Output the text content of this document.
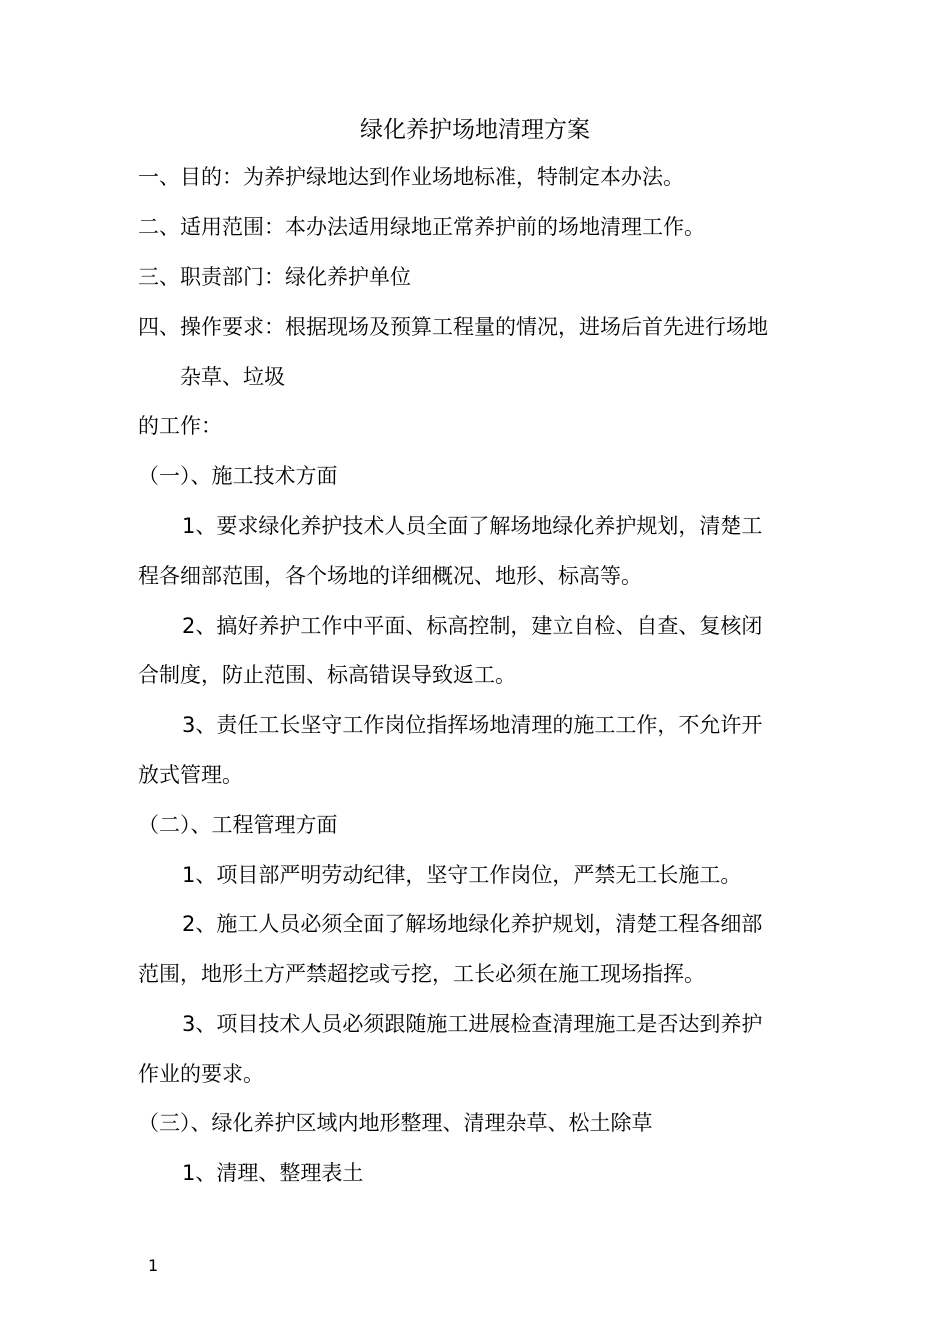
绿化养护场地清理方案
一、目的：为养护绿地达到作业场地标准，特制定本办法。
二、适用范围：本办法适用绿地正常养护前的场地清理工作。
三、职责部门：绿化养护单位
四、操作要求：根据现场及预算工程量的情况，进场后首先进行场地
杂草、垃圾
的工作：
（一）、施工技术方面
1、要求绿化养护技术人员全面了解场地绿化养护规划，清楚工
程各细部范围，各个场地的详细概况、地形、标高等。
2、搞好养护工作中平面、标高控制，建立自检、自查、复核闭
合制度，防止范围、标高错误导致返工。
3、责任工长坚守工作岗位指挥场地清理的施工工作，不允许开
放式管理。
（二）、工程管理方面
1、项目部严明劳动纪律，坚守工作岗位，严禁无工长施工。
2、施工人员必须全面了解场地绿化养护规划，清楚工程各细部
范围，地形土方严禁超挖或亏挖，工长必须在施工现场指挥。
3、项目技术人员必须跟随施工进展检查清理施工是否达到养护
作业的要求。
（三）、绿化养护区域内地形整理、清理杂草、松土除草
1、清理、整理表土
1
